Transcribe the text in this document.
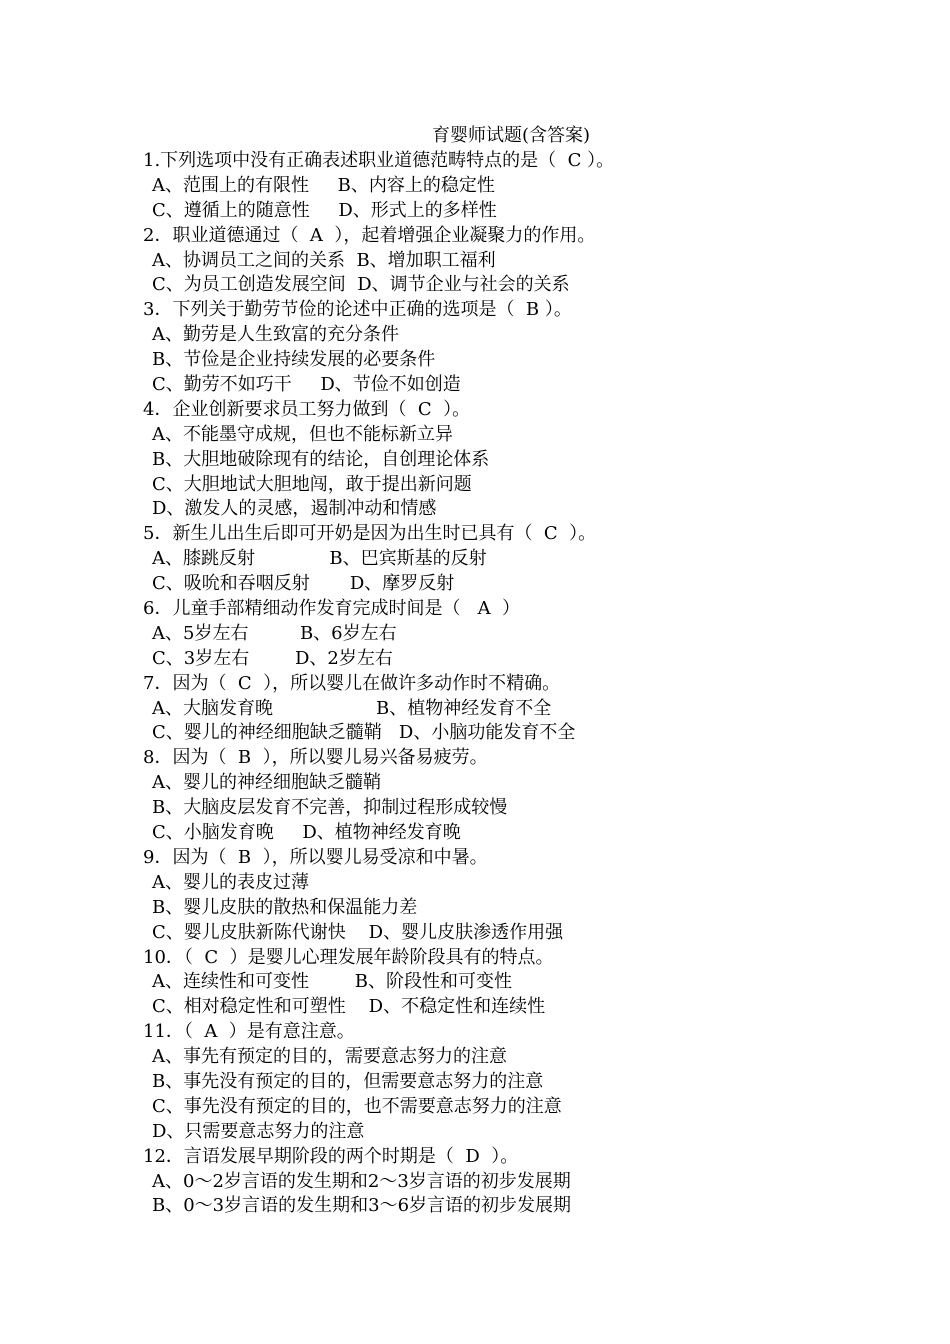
育婴师试题(含答案)
1.下列选项中没有正确表述职业道德范畴特点的是（  C ）。
A、范围上的有限性     B、内容上的稳定性
C、遵循上的随意性     D、形式上的多样性
2．职业道德通过（  A  ），起着增强企业凝聚力的作用。
A、协调员工之间的关系  B、增加职工福利
C、为员工创造发展空间  D、调节企业与社会的关系
3．下列关于勤劳节俭的论述中正确的选项是（  B ）。
A、勤劳是人生致富的充分条件
B、节俭是企业持续发展的必要条件
C、勤劳不如巧干     D、节俭不如创造
4．企业创新要求员工努力做到（  C  ）。
A、不能墨守成规，但也不能标新立异
B、大胆地破除现有的结论，自创理论体系
C、大胆地试大胆地闯，敢于提出新问题
D、激发人的灵感，遏制冲动和情感
5．新生儿出生后即可开奶是因为出生时已具有（  C  ）。
A、膝跳反射             B、巴宾斯基的反射
C、吸吮和吞咽反射       D、摩罗反射
6．儿童手部精细动作发育完成时间是（   A  ）
A、5岁左右         B、6岁左右
C、3岁左右        D、2岁左右
7．因为（  C  ），所以婴儿在做许多动作时不精确。
A、大脑发育晚                  B、植物神经发育不全
C、婴儿的神经细胞缺乏髓鞘   D、小脑功能发育不全
8．因为（  B  ），所以婴儿易兴备易疲劳。
A、婴儿的神经细胞缺乏髓鞘
B、大脑皮层发育不完善，抑制过程形成较慢
C、小脑发育晚     D、植物神经发育晚
9．因为（  B  ），所以婴儿易受凉和中暑。
A、婴儿的表皮过薄
B、婴儿皮肤的散热和保温能力差
C、婴儿皮肤新陈代谢快    D、婴儿皮肤渗透作用强
10．（  C  ）是婴儿心理发展年龄阶段具有的特点。
A、连续性和可变性        B、阶段性和可变性
C、相对稳定性和可塑性    D、不稳定性和连续性
11．（  A  ）是有意注意。
A、事先有预定的目的，需要意志努力的注意
B、事先没有预定的目的，但需要意志努力的注意
C、事先没有预定的目的，也不需要意志努力的注意
D、只需要意志努力的注意
12．言语发展早期阶段的两个时期是（  D  ）。
A、0～2岁言语的发生期和2～3岁言语的初步发展期
B、0～3岁言语的发生期和3～6岁言语的初步发展期
